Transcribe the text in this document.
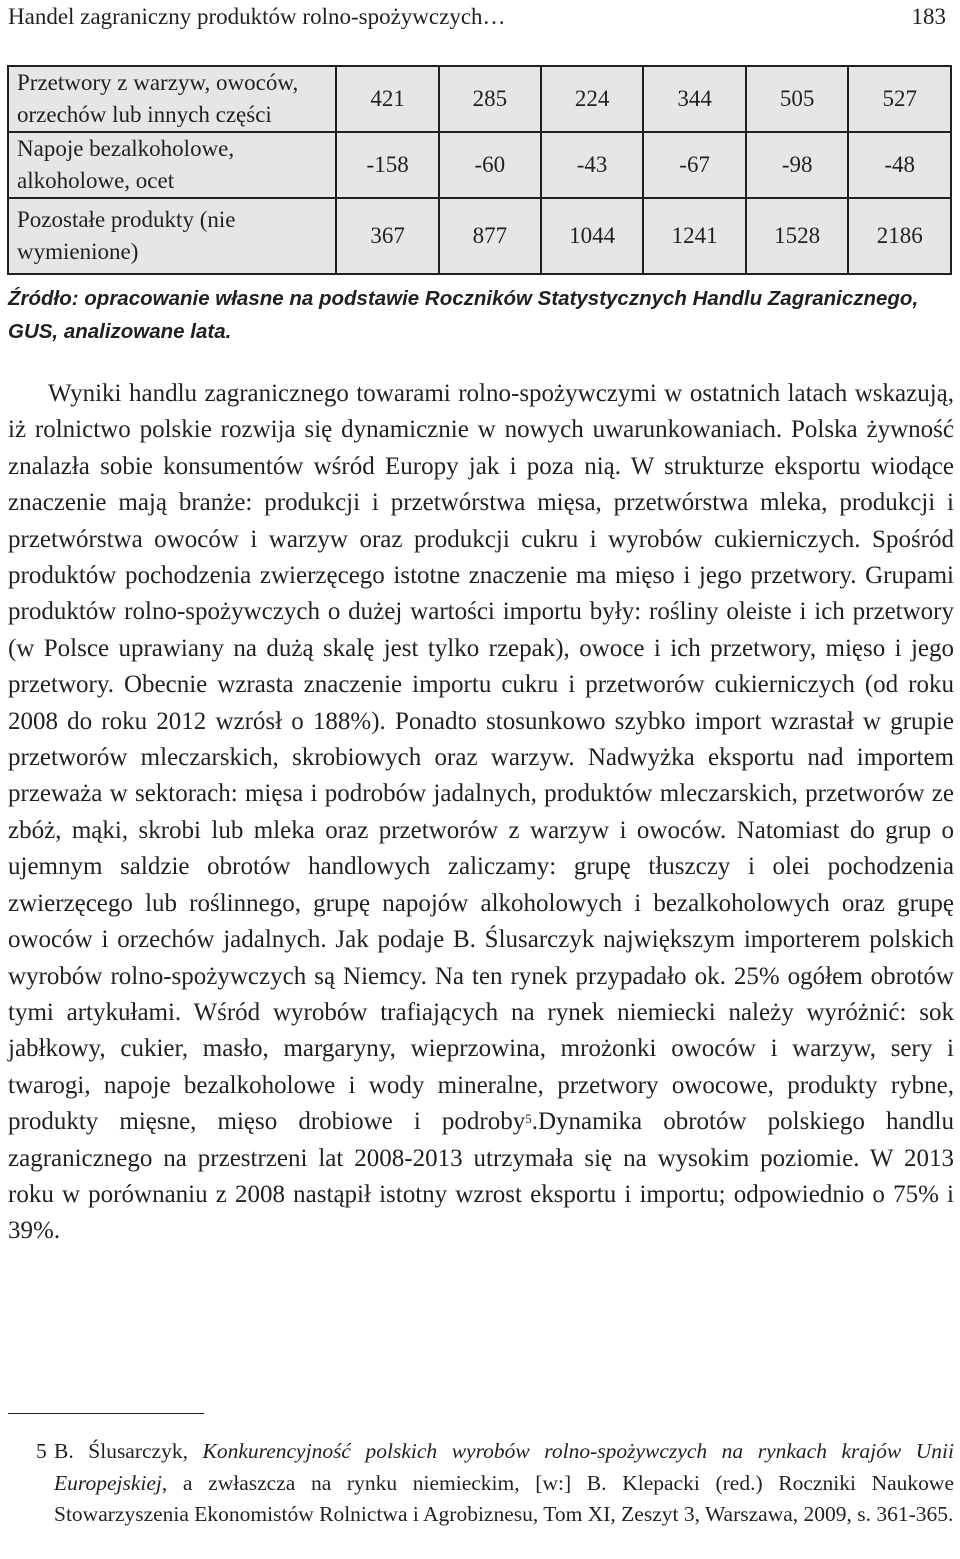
Handel zagraniczny produktów rolno-spożywczych…	183
Przetwory z warzyw, owoców, orzechów lub innych części	421	285	224	344	505	527
Napoje bezalkoholowe, alkoholowe, ocet	-158	-60	-43	-67	-98	-48
Pozostałe produkty (nie wymienione)	367	877	1044	1241	1528	2186
Źródło: opracowanie własne na podstawie Roczników Statystycznych Handlu Zagranicznego, GUS, analizowane lata.

Wyniki handlu zagranicznego towarami rolno-spożywczymi w ostatnich latach wskazują, iż rolnictwo polskie rozwija się dynamicznie w nowych uwarunkowaniach. Polska żywność znalazła sobie konsumentów wśród Europy jak i poza nią. W strukturze eksportu wiodące znaczenie mają branże: produkcji i przetwórstwa mięsa, przetwórstwa mleka, produkcji i przetwórstwa owoców i warzyw oraz produkcji cukru i wyrobów cukierniczych. Spośród produktów pochodzenia zwierzęcego istotne znaczenie ma mięso i jego przetwory. Grupami produktów rolno-spożywczych o dużej wartości importu były: rośliny oleiste i ich przetwory (w Polsce uprawiany na dużą skalę jest tylko rzepak), owoce i ich przetwory, mięso i jego przetwory. Obecnie wzrasta znaczenie importu cukru i przetworów cukierniczych (od roku 2008 do roku 2012 wzrósł o 188%). Ponadto stosunkowo szybko import wzrastał w grupie przetworów mleczarskich, skrobiowych oraz warzyw. Nadwyżka eksportu nad importem przeważa w sektorach: mięsa i podrobów jadalnych, produktów mleczarskich, przetworów ze zbóż, mąki, skrobi lub mleka oraz przetworów z warzyw i owoców. Natomiast do grup o ujemnym saldzie obrotów handlowych zaliczamy: grupę tłuszczy i olei pochodzenia zwierzęcego lub roślinnego, grupę napojów alkoholowych i bezalkoholowych oraz grupę owoców i orzechów jadalnych. Jak podaje B. Ślusarczyk największym importerem polskich wyrobów rolno-spożywczych są Niemcy. Na ten rynek przypadało ok. 25% ogółem obrotów tymi artykułami. Wśród wyrobów trafiających na rynek niemiecki należy wyróżnić: sok jabłkowy, cukier, masło, margaryny, wieprzowina, mrożonki owoców i warzyw, sery i twarogi, napoje bezalkoholowe i wody mineralne, przetwory owocowe, produkty rybne, produkty mięsne, mięso drobiowe i podroby$^5$.Dynamika obrotów polskiego handlu zagranicznego na przestrzeni lat 2008-2013 utrzymała się na wysokim poziomie. W 2013 roku w porównaniu z 2008 nastąpił istotny wzrost eksportu i importu; odpowiednio o 75% i 39%.

5 B. Ślusarczyk, Konkurencyjność polskich wyrobów rolno-spożywczych na rynkach krajów Unii Europejskiej, a zwłaszcza na rynku niemieckim, [w:] B. Klepacki (red.) Roczniki Naukowe Stowarzyszenia Ekonomistów Rolnictwa i Agrobiznesu, Tom XI, Zeszyt 3, Warszawa, 2009, s. 361-365.
